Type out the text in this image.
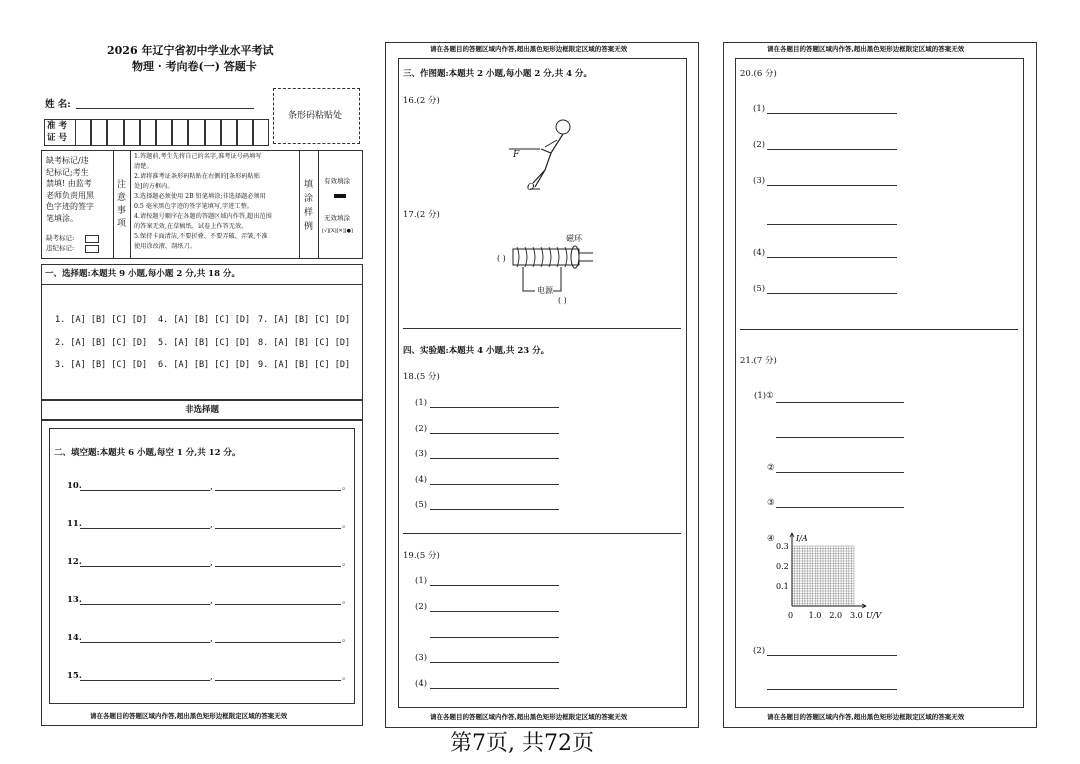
2026 年辽宁省初中学业水平考试
物理 · 考向卷(一) 答题卡
姓 名:
准 考
证 号
条形码粘贴处
缺考标记/违
纪标记;考生
禁填! 由监考
老师负责用黑
色字迹的签字
笔填涂。
缺考标记:
违纪标记:
注
意
事
项
1.答题前,考生先将自己的名字,准考证号码填写
清楚。
2.请将准考证条形码粘贴在右侧的[条形码粘贴
处]的方框内。
3.选择题必须使用 2B 铅笔填涂;非选择题必须用
0.5 毫米黑色字迹的签字笔填写,字迹工整。
4.请按题号顺序在各题的答题区域内作答,超出范围
的答案无效,在草稿纸、试卷上作答无效。
5.保持卡面清洁,不要折叠、不要弄破、弄皱,不准
使用涂改液、刮纸刀。
填
涂
样
例
有效填涂
无效填涂
[√][X][✕][●]
一、选择题:本题共 9 小题,每小题 2 分,共 18 分。
1. [A] [B] [C] [D] 4. [A] [B] [C] [D] 7. [A] [B] [C] [D]
2. [A] [B] [C] [D] 5. [A] [B] [C] [D] 8. [A] [B] [C] [D]
3. [A] [B] [C] [D] 6. [A] [B] [C] [D] 9. [A] [B] [C] [D]
非选择题
二、填空题:本题共 6 小题,每空 1 分,共 12 分。
10.	,	。
11.	,	。
12.	,	。
13.	,	。
14.	,	。
15.	,	。
请在各题目的答题区域内作答,超出黑色矩形边框限定区域的答案无效
请在各题目的答题区域内作答,超出黑色矩形边框限定区域的答案无效
请在各题目的答题区域内作答,超出黑色矩形边框限定区域的答案无效
三、作图题:本题共 2 小题,每小题 2 分,共 4 分。
16.(2 分)
F
O
17.(2 分)
磁环
( )
电源
( )
四、实验题:本题共 4 小题,共 23 分。
18.(5 分)
(1)
(2)
(3)
(4)
(5)
19.(5 分)
(1)
(2)
(3)
(4)
请在各题目的答题区域内作答,超出黑色矩形边框限定区域的答案无效
请在各题目的答题区域内作答,超出黑色矩形边框限定区域的答案无效
20.(6 分)
(1)
(2)
(3)
(4)
(5)
21.(7 分)
(1)①
②
③
④	I/A
U/V
0.3
0.2
0.1
0 1.0 2.0 3.0
(2)
第7页, 共72页
